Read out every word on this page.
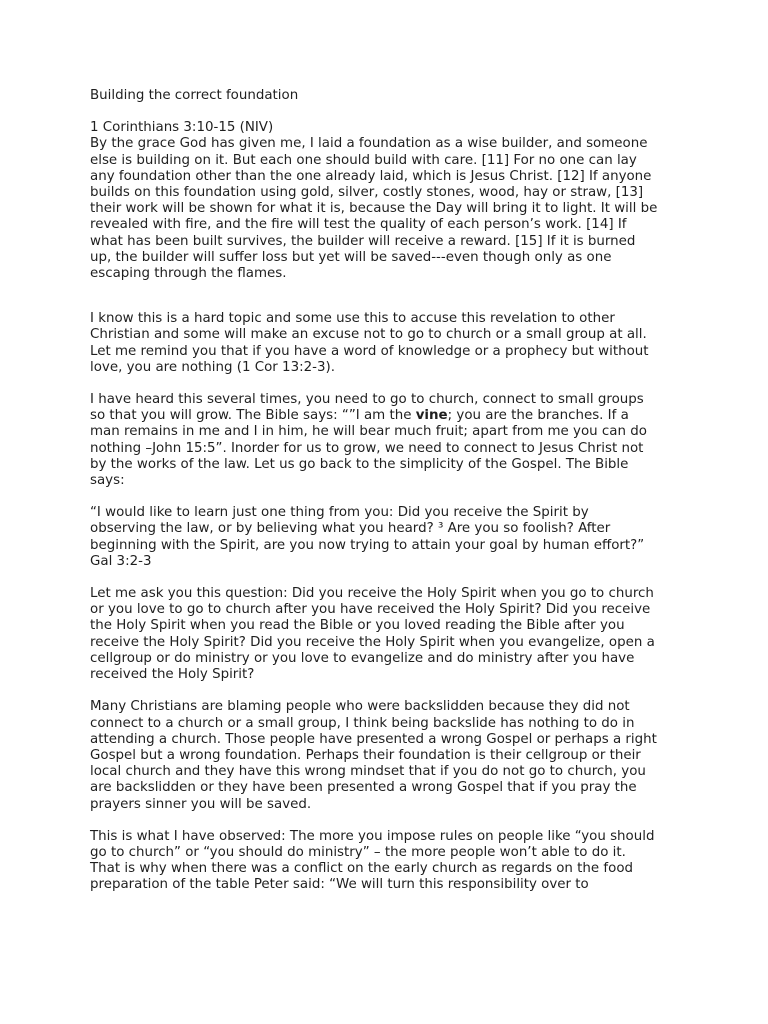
Building the correct foundation

1 Corinthians 3:10-15 (NIV)

By the grace God has given me, I laid a foundation as a wise builder, and someone
else is building on it. But each one should build with care. [11] For no one can lay
any foundation other than the one already laid, which is Jesus Christ. [12] If anyone
builds on this foundation using gold, silver, costly stones, wood, hay or straw, [13]
their work will be shown for what it is, because the Day will bring it to light. It will be
revealed with fire, and the fire will test the quality of each person’s work. [14] If
what has been built survives, the builder will receive a reward. [15] If it is burned
up, the builder will suffer loss but yet will be saved---even though only as one
escaping through the flames.

I know this is a hard topic and some use this to accuse this revelation to other
Christian and some will make an excuse not to go to church or a small group at all.
Let me remind you that if you have a word of knowledge or a prophecy but without
love, you are nothing (1 Cor 13:2-3).

I have heard this several times, you need to go to church, connect to small groups
so that you will grow. The Bible says: “”I am the vine; you are the branches. If a
man remains in me and I in him, he will bear much fruit; apart from me you can do
nothing –John 15:5”. Inorder for us to grow, we need to connect to Jesus Christ not
by the works of the law. Let us go back to the simplicity of the Gospel. The Bible
says:

“I would like to learn just one thing from you: Did you receive the Spirit by
observing the law, or by believing what you heard? ³ Are you so foolish? After
beginning with the Spirit, are you now trying to attain your goal by human effort?”
Gal 3:2-3

Let me ask you this question: Did you receive the Holy Spirit when you go to church
or you love to go to church after you have received the Holy Spirit? Did you receive
the Holy Spirit when you read the Bible or you loved reading the Bible after you
receive the Holy Spirit? Did you receive the Holy Spirit when you evangelize, open a
cellgroup or do ministry or you love to evangelize and do ministry after you have
received the Holy Spirit?

Many Christians are blaming people who were backslidden because they did not
connect to a church or a small group, I think being backslide has nothing to do in
attending a church. Those people have presented a wrong Gospel or perhaps a right
Gospel but a wrong foundation. Perhaps their foundation is their cellgroup or their
local church and they have this wrong mindset that if you do not go to church, you
are backslidden or they have been presented a wrong Gospel that if you pray the
prayers sinner you will be saved.

This is what I have observed: The more you impose rules on people like “you should
go to church” or “you should do ministry” – the more people won’t able to do it.
That is why when there was a conflict on the early church as regards on the food
preparation of the table Peter said: “We will turn this responsibility over to
